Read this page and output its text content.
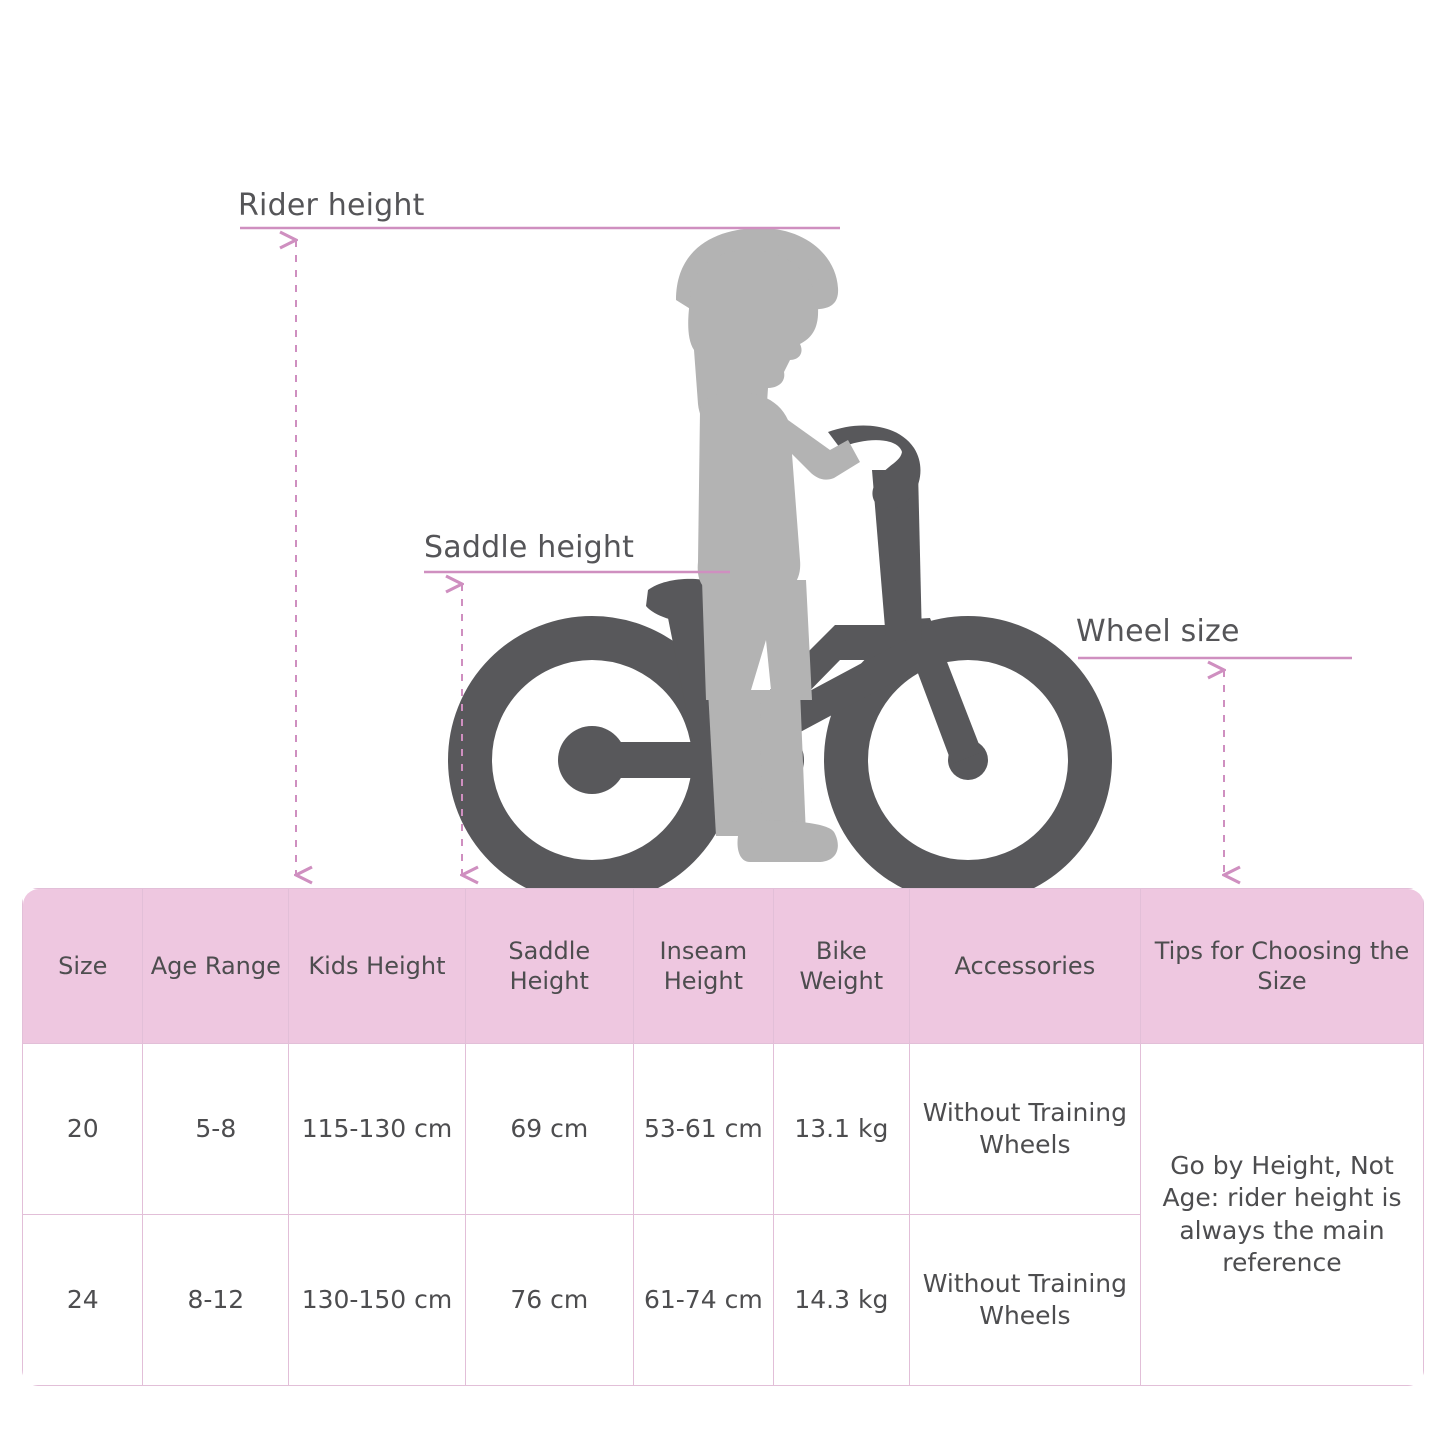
Rider height
Saddle height
Wheel size
Size	Age Range	Kids Height	Saddle Height	Inseam Height	Bike Weight	Accessories	Tips for Choosing the Size
20	5-8	115-130 cm	69 cm	53-61 cm	13.1 kg	Without Training Wheels	Go by Height, Not Age: rider height is always the main reference
24	8-12	130-150 cm	76 cm	61-74 cm	14.3 kg	Without Training Wheels	
